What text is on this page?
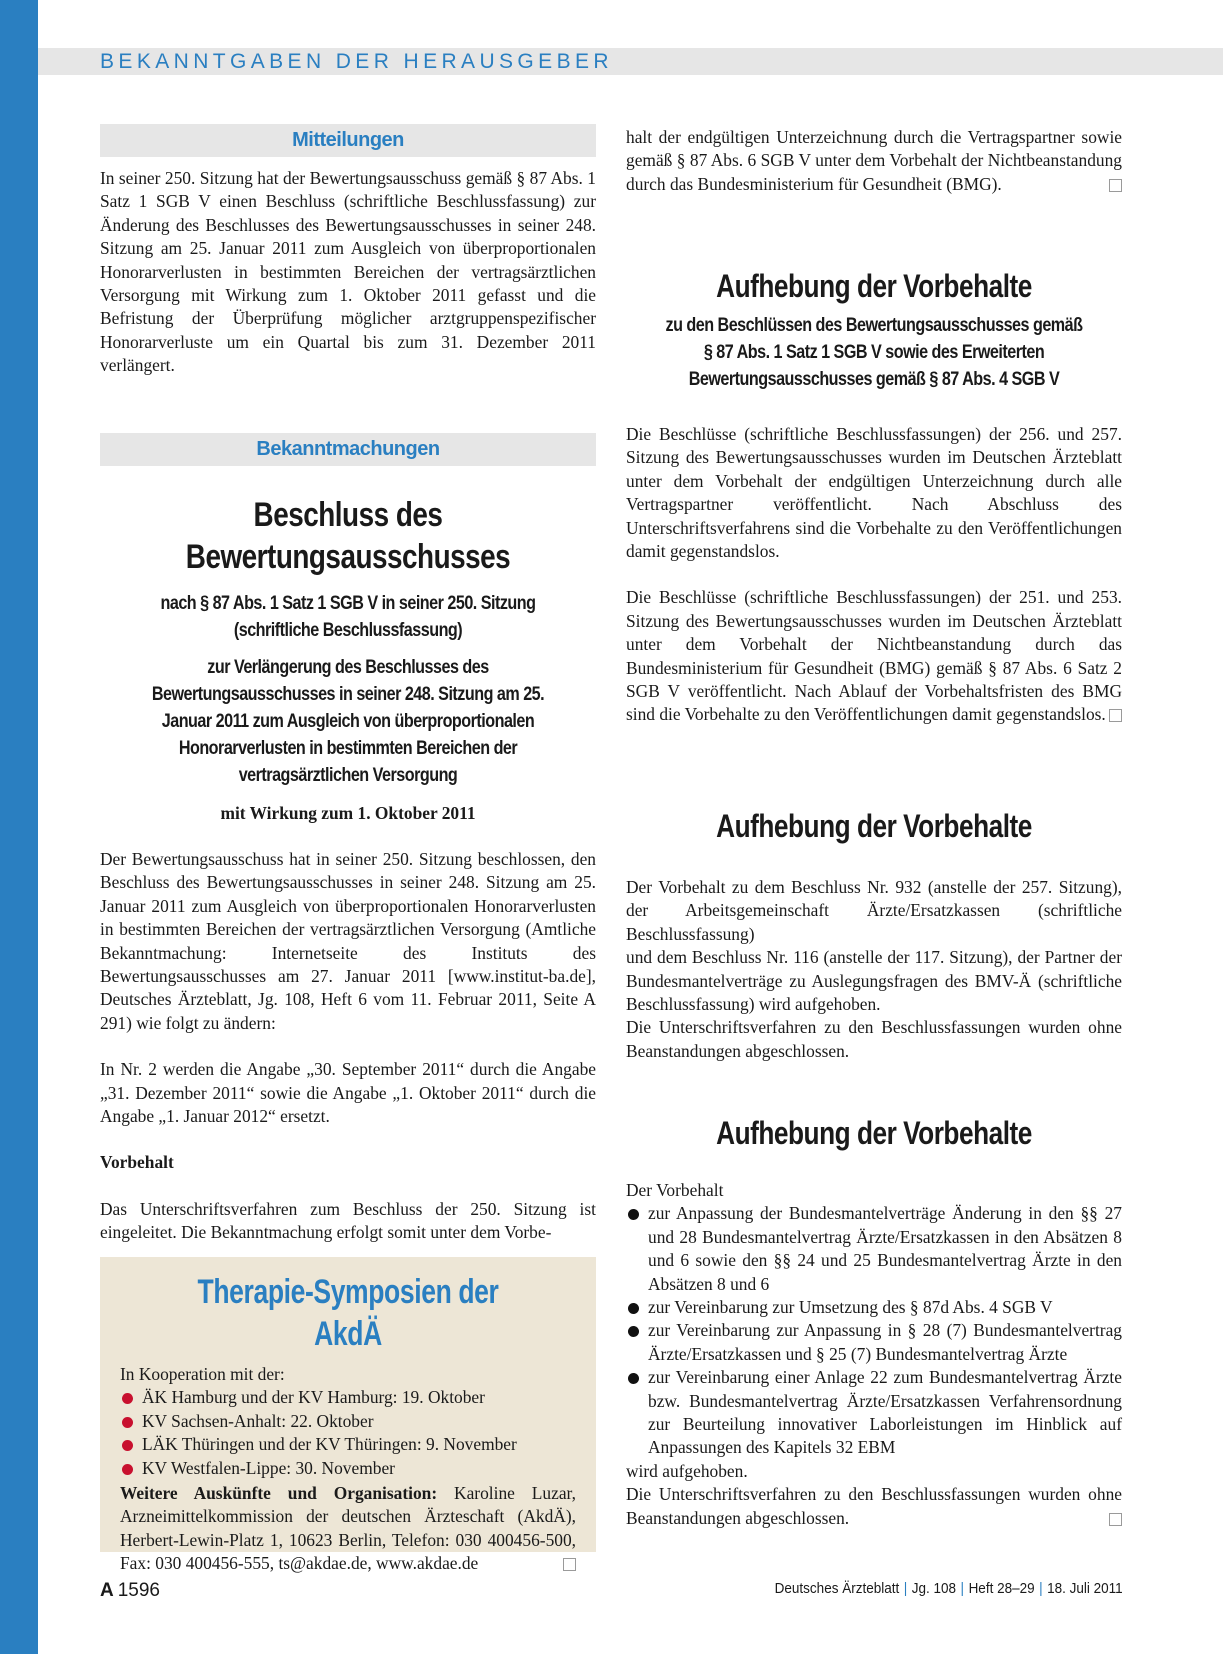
BEKANNTGABEN DER HERAUSGEBER
Mitteilungen

In seiner 250. Sitzung hat der Bewertungsausschuss gemäß § 87 Abs. 1 Satz 1 SGB V einen Beschluss (schriftliche Beschlussfassung) zur Änderung des Beschlusses des Bewertungsausschusses in seiner 248. Sitzung am 25. Januar 2011 zum Ausgleich von überproportionalen Honorarverlusten in bestimmten Bereichen der vertragsärztlichen Versorgung mit Wirkung zum 1. Oktober 2011 gefasst und die Befristung der Überprüfung möglicher arztgruppenspezifischer Honorarverluste um ein Quartal bis zum 31. Dezember 2011 verlängert.

Bekanntmachungen
Beschluss des Bewertungsausschusses
nach § 87 Abs. 1 Satz 1 SGB V in seiner 250. Sitzung (schriftliche Beschlussfassung)
zur Verlängerung des Beschlusses des Bewertungsausschusses in seiner 248. Sitzung am 25. Januar 2011 zum Ausgleich von überproportionalen Honorarverlusten in bestimmten Bereichen der vertragsärztlichen Versorgung
mit Wirkung zum 1. Oktober 2011

Der Bewertungsausschuss hat in seiner 250. Sitzung beschlossen, den Beschluss des Bewertungsausschusses in seiner 248. Sitzung am 25. Januar 2011 zum Ausgleich von überproportionalen Honorarverlusten in bestimmten Bereichen der vertragsärztlichen Versorgung (Amtliche Bekanntmachung: Internetseite des Instituts des Bewertungsausschusses am 27. Januar 2011 [www.institut-ba.de], Deutsches Ärzteblatt, Jg. 108, Heft 6 vom 11. Februar 2011, Seite A 291) wie folgt zu ändern:

In Nr. 2 werden die Angabe „30. September 2011“ durch die Angabe „31. Dezember 2011“ sowie die Angabe „1. Oktober 2011“ durch die Angabe „1. Januar 2012“ ersetzt.

Vorbehalt

Das Unterschriftsverfahren zum Beschluss der 250. Sitzung ist eingeleitet. Die Bekanntmachung erfolgt somit unter dem Vorbe-

Therapie-Symposien der AkdÄ
In Kooperation mit der:
ÄK Hamburg und der KV Hamburg: 19. Oktober
KV Sachsen-Anhalt: 22. Oktober
LÄK Thüringen und der KV Thüringen: 9. November
KV Westfalen-Lippe: 30. November

Weitere Auskünfte und Organisation: Karoline Luzar, Arzneimittelkommission der deutschen Ärzteschaft (AkdÄ), Herbert-Lewin-Platz 1, 10623 Berlin, Telefon: 030 400456-500, Fax: 030 400456-555, ts@akdae.de, www.akdae.de

halt der endgültigen Unterzeichnung durch die Vertragspartner sowie gemäß § 87 Abs. 6 SGB V unter dem Vorbehalt der Nichtbeanstandung durch das Bundesministerium für Gesundheit (BMG).

Aufhebung der Vorbehalte
zu den Beschlüssen des Bewertungsausschusses gemäß § 87 Abs. 1 Satz 1 SGB V sowie des Erweiterten Bewertungsausschusses gemäß § 87 Abs. 4 SGB V

Die Beschlüsse (schriftliche Beschlussfassungen) der 256. und 257. Sitzung des Bewertungsausschusses wurden im Deutschen Ärzteblatt unter dem Vorbehalt der endgültigen Unterzeichnung durch alle Vertragspartner veröffentlicht. Nach Abschluss des Unterschriftsverfahrens sind die Vorbehalte zu den Veröffentlichungen damit gegenstandslos.

Die Beschlüsse (schriftliche Beschlussfassungen) der 251. und 253. Sitzung des Bewertungsausschusses wurden im Deutschen Ärzteblatt unter dem Vorbehalt der Nichtbeanstandung durch das Bundesministerium für Gesundheit (BMG) gemäß § 87 Abs. 6 Satz 2 SGB V veröffentlicht. Nach Ablauf der Vorbehaltsfristen des BMG sind die Vorbehalte zu den Veröffentlichungen damit gegenstandslos.

Aufhebung der Vorbehalte

Der Vorbehalt zu dem Beschluss Nr. 932 (anstelle der 257. Sitzung), der Arbeitsgemeinschaft Ärzte/Ersatzkassen (schriftliche Beschlussfassung)

und dem Beschluss Nr. 116 (anstelle der 117. Sitzung), der Partner der Bundesmantelverträge zu Auslegungsfragen des BMV-Ä (schriftliche Beschlussfassung) wird aufgehoben.

Die Unterschriftsverfahren zu den Beschlussfassungen wurden ohne Beanstandungen abgeschlossen.

Aufhebung der Vorbehalte
Der Vorbehalt
zur Anpassung der Bundesmantelverträge Änderung in den §§ 27 und 28 Bundesmantelvertrag Ärzte/Ersatzkassen in den Absätzen 8 und 6 sowie den §§ 24 und 25 Bundesmantelvertrag Ärzte in den Absätzen 8 und 6
zur Vereinbarung zur Umsetzung des § 87d Abs. 4 SGB V
zur Vereinbarung zur Anpassung in § 28 (7) Bundesmantelvertrag Ärzte/Ersatzkassen und § 25 (7) Bundesmantelvertrag Ärzte
zur Vereinbarung einer Anlage 22 zum Bundesmantelvertrag Ärzte bzw. Bundesmantelvertrag Ärzte/Ersatzkassen Verfahrensordnung zur Beurteilung innovativer Laborleistungen im Hinblick auf Anpassungen des Kapitels 32 EBM
wird aufgehoben.

Die Unterschriftsverfahren zu den Beschlussfassungen wurden ohne Beanstandungen abgeschlossen.

A 1596	Deutsches Ärzteblatt | Jg. 108 | Heft 28–29 | 18. Juli 2011
